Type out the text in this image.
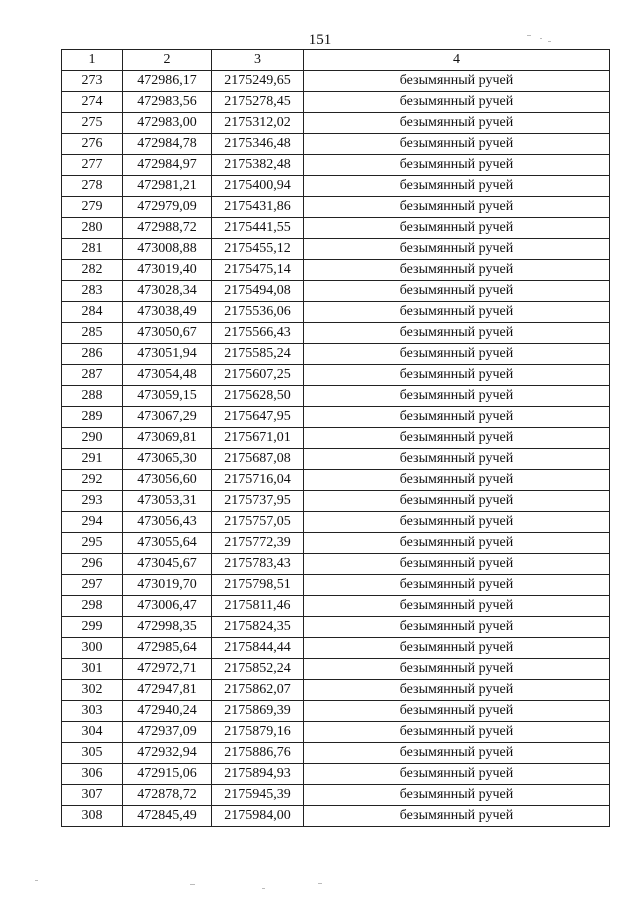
151
1	2	3	4
273	472986,17	2175249,65	безымянный ручей
274	472983,56	2175278,45	безымянный ручей
275	472983,00	2175312,02	безымянный ручей
276	472984,78	2175346,48	безымянный ручей
277	472984,97	2175382,48	безымянный ручей
278	472981,21	2175400,94	безымянный ручей
279	472979,09	2175431,86	безымянный ручей
280	472988,72	2175441,55	безымянный ручей
281	473008,88	2175455,12	безымянный ручей
282	473019,40	2175475,14	безымянный ручей
283	473028,34	2175494,08	безымянный ручей
284	473038,49	2175536,06	безымянный ручей
285	473050,67	2175566,43	безымянный ручей
286	473051,94	2175585,24	безымянный ручей
287	473054,48	2175607,25	безымянный ручей
288	473059,15	2175628,50	безымянный ручей
289	473067,29	2175647,95	безымянный ручей
290	473069,81	2175671,01	безымянный ручей
291	473065,30	2175687,08	безымянный ручей
292	473056,60	2175716,04	безымянный ручей
293	473053,31	2175737,95	безымянный ручей
294	473056,43	2175757,05	безымянный ручей
295	473055,64	2175772,39	безымянный ручей
296	473045,67	2175783,43	безымянный ручей
297	473019,70	2175798,51	безымянный ручей
298	473006,47	2175811,46	безымянный ручей
299	472998,35	2175824,35	безымянный ручей
300	472985,64	2175844,44	безымянный ручей
301	472972,71	2175852,24	безымянный ручей
302	472947,81	2175862,07	безымянный ручей
303	472940,24	2175869,39	безымянный ручей
304	472937,09	2175879,16	безымянный ручей
305	472932,94	2175886,76	безымянный ручей
306	472915,06	2175894,93	безымянный ручей
307	472878,72	2175945,39	безымянный ручей
308	472845,49	2175984,00	безымянный ручей
